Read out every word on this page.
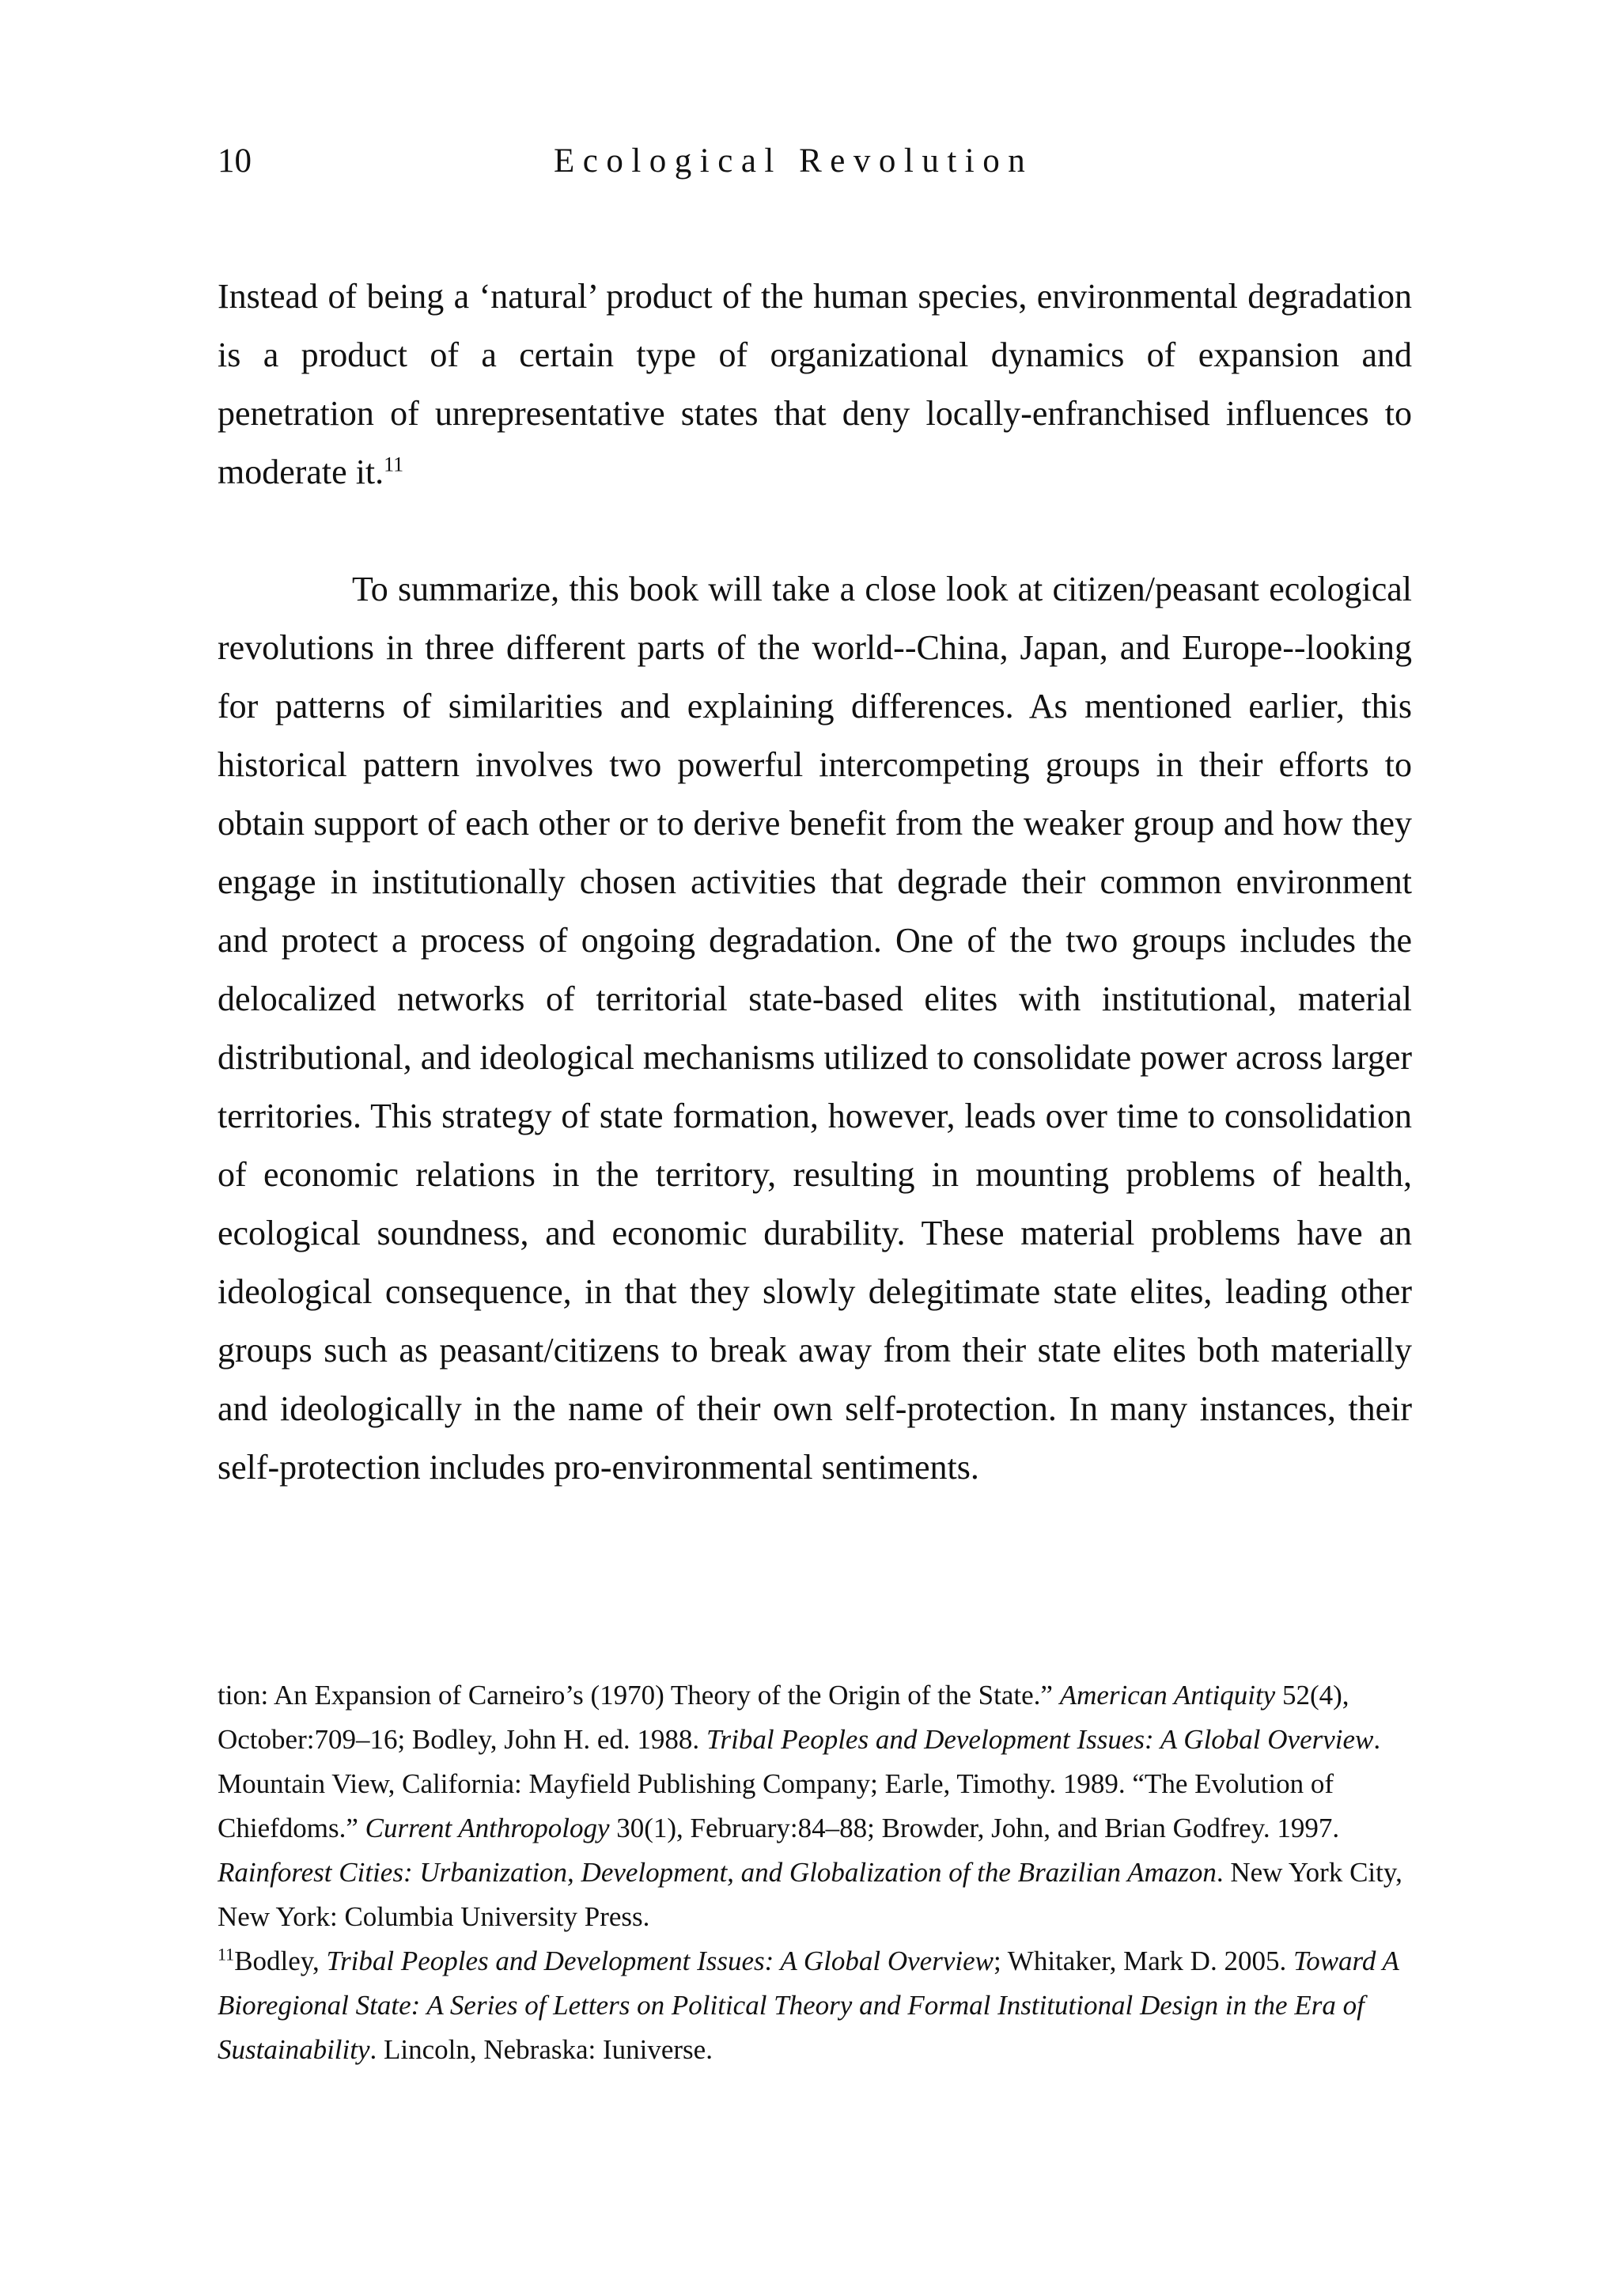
10	Ecological Revolution

Instead of being a ‘natural’ product of the human species, environmental degradation is a product of a certain type of organizational dynamics of expansion and penetration of unrepresentative states that deny locally-enfranchised influences to moderate it.$^{11}$

To summarize, this book will take a close look at citizen/peasant ecological revolutions in three different parts of the world--China, Japan, and Europe--looking for patterns of similarities and explaining differences. As mentioned earlier, this historical pattern involves two powerful intercompeting groups in their efforts to obtain support of each other or to derive benefit from the weaker group and how they engage in institutionally chosen activities that degrade their common environment and protect a process of ongoing degradation. One of the two groups includes the delocalized networks of territorial state-based elites with institutional, material distributional, and ideological mechanisms utilized to consolidate power across larger territories. This strategy of state formation, however, leads over time to consolidation of economic relations in the territory, resulting in mounting problems of health, ecological soundness, and economic durability. These material problems have an ideological consequence, in that they slowly delegitimate state elites, leading other groups such as peasant/citizens to break away from their state elites both materially and ideologically in the name of their own self-protection. In many instances, their self-protection includes pro-environmental sentiments.

tion: An Expansion of Carneiro’s (1970) Theory of the Origin of the State.” American Antiquity 52(4), October:709–16; Bodley, John H. ed. 1988. Tribal Peoples and Development Issues: A Global Overview. Mountain View, California: Mayfield Publishing Company; Earle, Timothy. 1989. “The Evolution of Chiefdoms.” Current Anthropology 30(1), February:84–88; Browder, John, and Brian Godfrey. 1997. Rainforest Cities: Urbanization, Development, and Globalization of the Brazilian Amazon. New York City, New York: Columbia University Press.

$^{11}$Bodley, Tribal Peoples and Development Issues: A Global Overview; Whitaker, Mark D. 2005. Toward A Bioregional State: A Series of Letters on Political Theory and Formal Institutional Design in the Era of Sustainability. Lincoln, Nebraska: Iuniverse.
